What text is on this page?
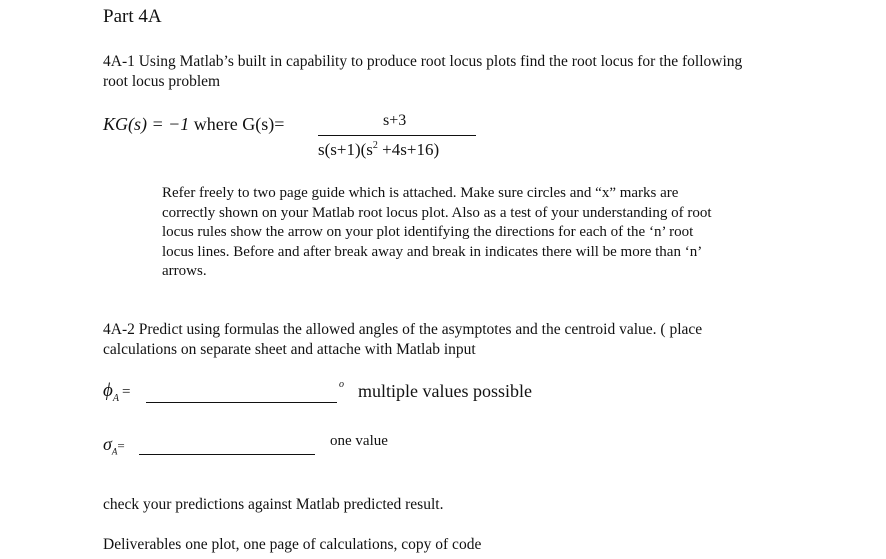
Part 4A
4A-1 Using Matlab’s built in capability to produce root locus plots find the root locus for the following
root locus problem
KG(s) = −1 where G(s)=	s+3
$s(s+1)(s^2 +4s+16)$
Refer freely to two page guide which is attached. Make sure circles and “x” marks are
correctly shown on your Matlab root locus plot. Also as a test of your understanding of root
locus rules show the arrow on your plot identifying the directions for each of the ‘n’ root
locus lines. Before and after break away and break in indicates there will be more than ‘n’
arrows.
4A-2 Predict using formulas the allowed angles of the asymptotes and the centroid value. ( place
calculations on separate sheet and attache with Matlab input
$\phi_A$ =	o multiple values possible
$\sigma_A=$	one value
check your predictions against Matlab predicted result.
Deliverables one plot, one page of calculations, copy of code
